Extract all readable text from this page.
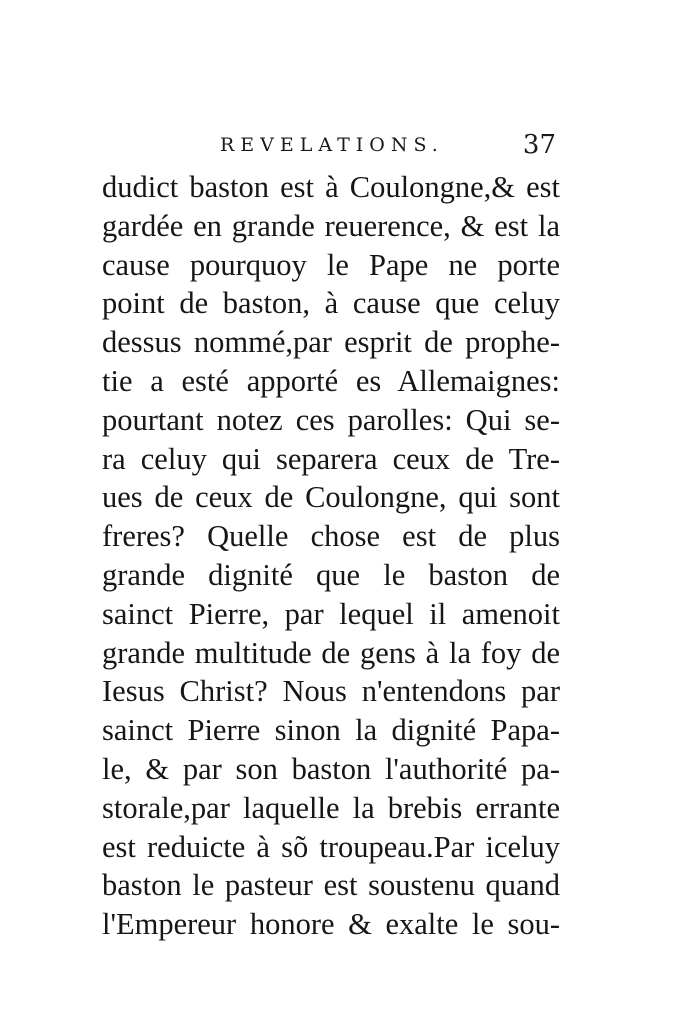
REVELATIONS.	37
dudict baston est à Coulongne,& est
gardée en grande reuerence, & est la
cause pourquoy le Pape ne porte
point de baston, à cause que celuy
dessus nommé,par esprit de prophe-
tie a esté apporté es Allemaignes:
pourtant notez ces parolles: Qui se-
ra celuy qui separera ceux de Tre-
ues de ceux de Coulongne, qui sont
freres? Quelle chose est de plus
grande dignité que le baston de
sainct Pierre, par lequel il amenoit
grande multitude de gens à la foy de
Iesus Christ? Nous n'entendons par
sainct Pierre sinon la dignité Papa-
le, & par son baston l'authorité pa-
storale,par laquelle la brebis errante
est reduicte à sõ troupeau.Par iceluy
baston le pasteur est soustenu quand
l'Empereur honore & exalte le sou-
